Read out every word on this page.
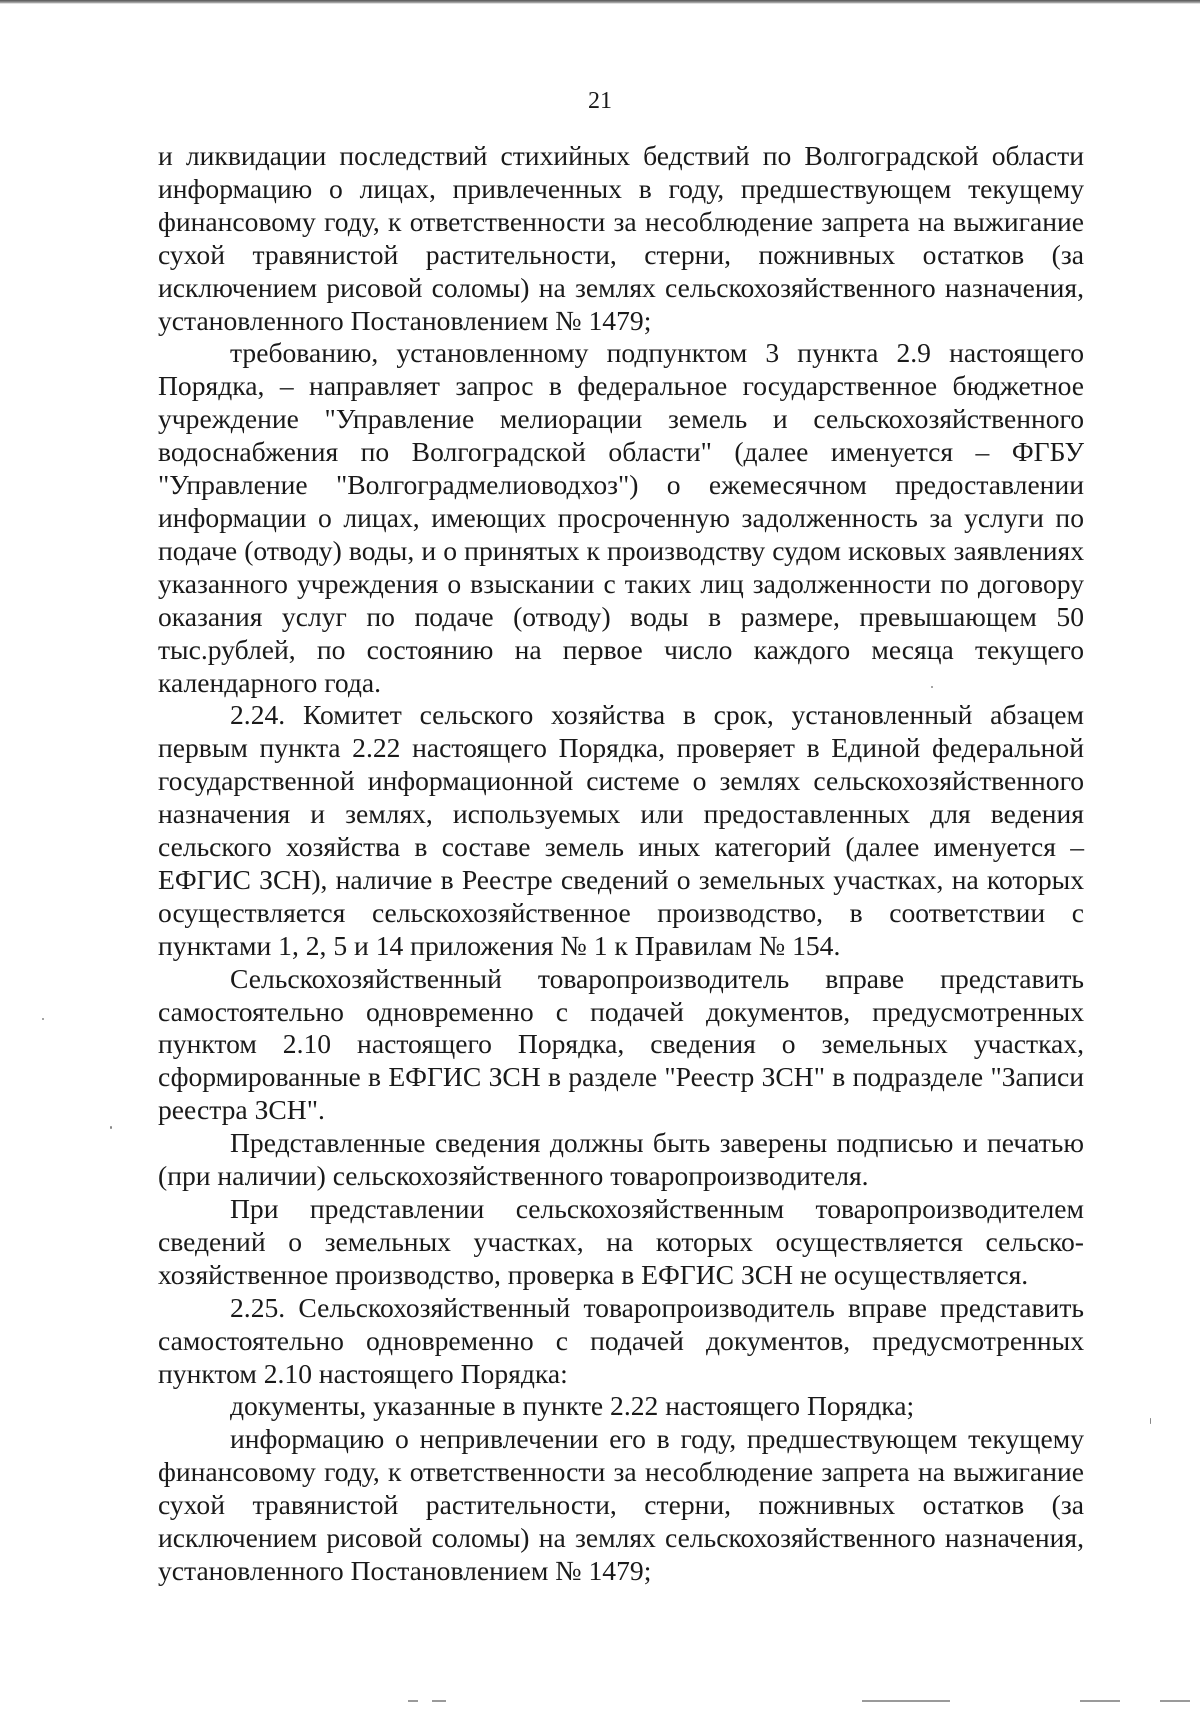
21

и ликвидации последствий стихийных бедствий по Волгоградской области информацию о лицах, привлеченных в году, предшествующем текущему финансовому году, к ответственности за несоблюдение запрета на выжигание сухой травянистой растительности, стерни, пожнивных остатков (за исключением рисовой соломы) на землях сельскохозяйственного назначения, установленного Постановлением № 1479;

требованию, установленному подпунктом 3 пункта 2.9 настоящего Порядка, – направляет запрос в федеральное государственное бюджетное учреждение "Управление мелиорации земель и сельскохозяйственного водоснабжения по Волгоградской области" (далее именуется – ФГБУ "Управление "Волгоградмелиоводхоз") о ежемесячном предоставлении информации о лицах, имеющих просроченную задолженность за услуги по подаче (отводу) воды, и о принятых к производству судом исковых заявлениях указанного учреждения о взыскании с таких лиц задолженности по договору оказания услуг по подаче (отводу) воды в размере, превышающем 50 тыс.рублей, по состоянию на первое число каждого месяца текущего календарного года.

2.24. Комитет сельского хозяйства в срок, установленный абзацем первым пункта 2.22 настоящего Порядка, проверяет в Единой федеральной государственной информационной системе о землях сельскохозяйственного назначения и землях, используемых или предоставленных для ведения сельского хозяйства в составе земель иных категорий (далее именуется – ЕФГИС ЗСН), наличие в Реестре сведений о земельных участках, на которых осуществляется сельскохозяйственное производство, в соответствии с пунктами 1, 2, 5 и 14 приложения № 1 к Правилам № 154.

Сельскохозяйственный товаропроизводитель вправе представить самостоятельно одновременно с подачей документов, предусмотренных пунктом 2.10 настоящего Порядка, сведения о земельных участках, сформированные в ЕФГИС ЗСН в разделе "Реестр ЗСН" в подразделе "Записи реестра ЗСН".

Представленные сведения должны быть заверены подписью и печатью (при наличии) сельскохозяйственного товаропроизводителя.

При представлении сельскохозяйственным товаропроизводителем сведений о земельных участках, на которых осуществляется сельскохозяйственное производство, проверка в ЕФГИС ЗСН не осуществляется.

2.25. Сельскохозяйственный товаропроизводитель вправе представить самостоятельно одновременно с подачей документов, предусмотренных пунктом 2.10 настоящего Порядка:

документы, указанные в пункте 2.22 настоящего Порядка;

информацию о непривлечении его в году, предшествующем текущему финансовому году, к ответственности за несоблюдение запрета на выжигание сухой травянистой растительности, стерни, пожнивных остатков (за исключением рисовой соломы) на землях сельскохозяйственного назначения, установленного Постановлением № 1479;
